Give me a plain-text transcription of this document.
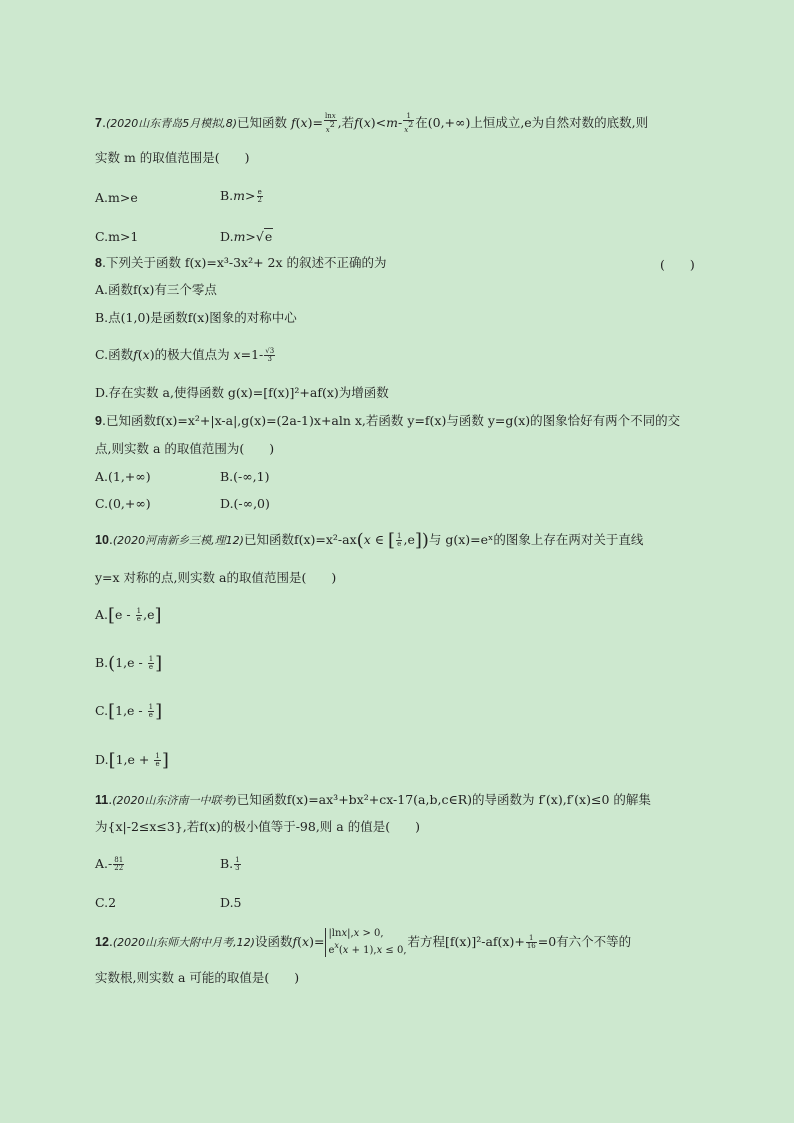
7.(2020山东青岛5月模拟,8)已知函数 $f(x)= \frac{\ln x}{x^2}$ ,若$f(x)<m- \frac{1}{x^2}$ 在(0,+∞)上恒成立,e为自然对数的底数,则
实数 m 的取值范围是(　　)
A.m>e	$B.m> \frac{e}{2}$
C.m>1	D.m>√e
8.下列关于函数 f(x)=x³-3x²+ 2x 的叙述不正确的为	(　　)
A.函数f(x)有三个零点
B.点(1,0)是函数f(x)图象的对称中心
C.函数f(x)的极大值点为 $x=1- \frac{√3}{3}$
D.存在实数 a,使得函数 g(x)=[f(x)]²+af(x)为增函数
9.已知函数f(x)=x²+|x-a|,g(x)=(2a-1)x+aln x,若函数 y=f(x)与函数 y=g(x)的图象恰好有两个不同的交
点,则实数 a 的取值范围为(　　)
A.(1,+∞)	B.(-∞,1)
C.(0,+∞)	D.(-∞,0)
10.(2020河南新乡三模,理12)已知函数f(x)=x²-ax(x ∈ [ $\frac{1}{e} ,e$])与 g(x)=eˣ的图象上存在两对关于直线
y=x 对称的点,则实数 a的取值范围是(　　)
$A.[e - \frac{1}{e} ,e]$
$B.(1,e - \frac{1}{e}$ ]
$C.[1,e - \frac{1}{e}$ ]
$D.[1,e + \frac{1}{e}$ ]
11.(2020山东济南一中联考)已知函数f(x)=ax³+bx²+cx-17(a,b,c∈R)的导函数为 f′(x),f′(x)≤0 的解集
为{x|-2≤x≤3},若f(x)的极小值等于-98,则 a 的值是(　　)
$A.- \frac{81}{22}$	B. $\frac{1}{3}$
C.2	D.5
12.(2020山东师大附中月考,12)设函数f(x)=
|lnx|,x > 0,
$e^x(x + 1),x \le 0$,
若方程$[f(x)]^2-af(x)+ \frac{1}{16} =0$有六个不等的
实数根,则实数 a 可能的取值是(　　)
